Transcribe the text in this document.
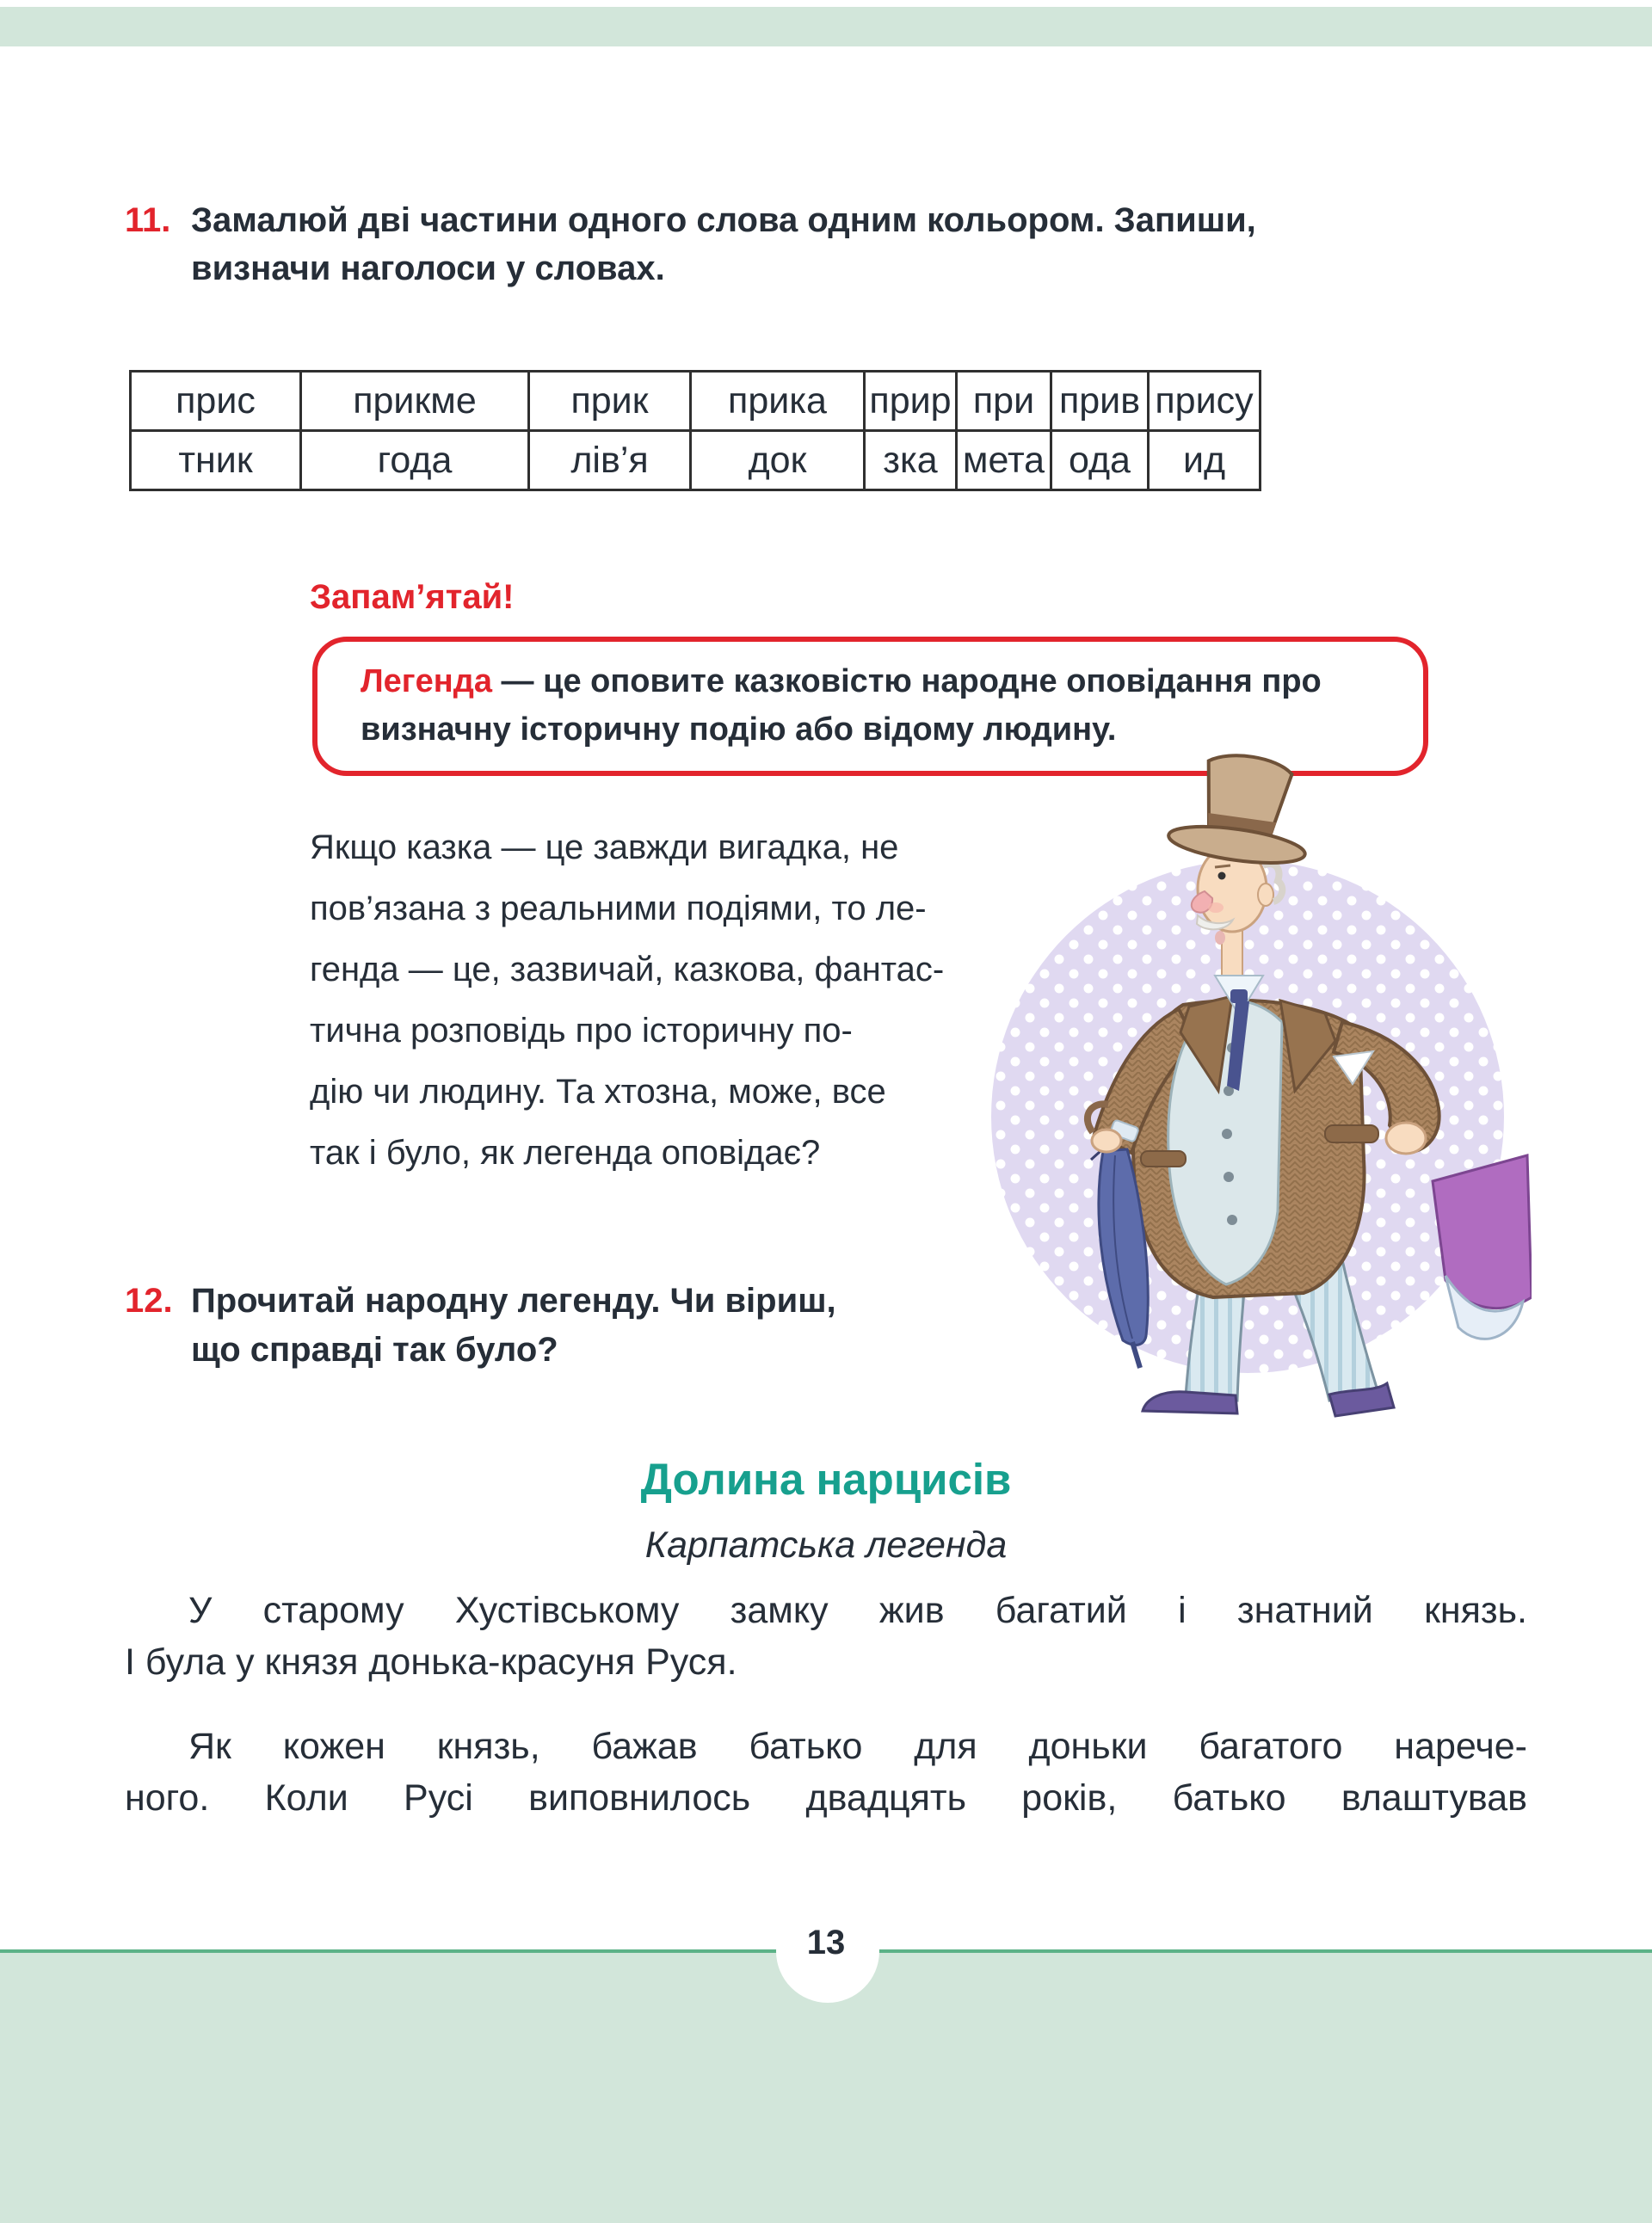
11. Замалюй дві частини одного слова одним кольором. Запиши,
визначи наголоси у словах.
прис	прикме	прик	прика	прир	при	прив	прису
тник	года	лів’я	док	зка	мета	ода	ид
Запам’ятай!
Легенда — це оповите казковістю народне оповідання про
визначну історичну подію або відому людину.
Якщо казка — це завжди вигадка, не
пов’язана з реальними подіями, то ле-
генда — це, зазвичай, казкова, фантас-
тична розповідь про історичну по-
дію чи людину. Та хтозна, може, все
так і було, як легенда оповідає?
12. Прочитай народну легенду. Чи віриш,
що справді так було?
Долина нарцисів
Карпатська легенда
У старому Хустівському замку жив багатий і знатний князь.
І була у князя донька-красуня Руся.
Як кожен князь, бажав батько для доньки багатого нарече-
ного. Коли Русі виповнилось двадцять років, батько влаштував
13
